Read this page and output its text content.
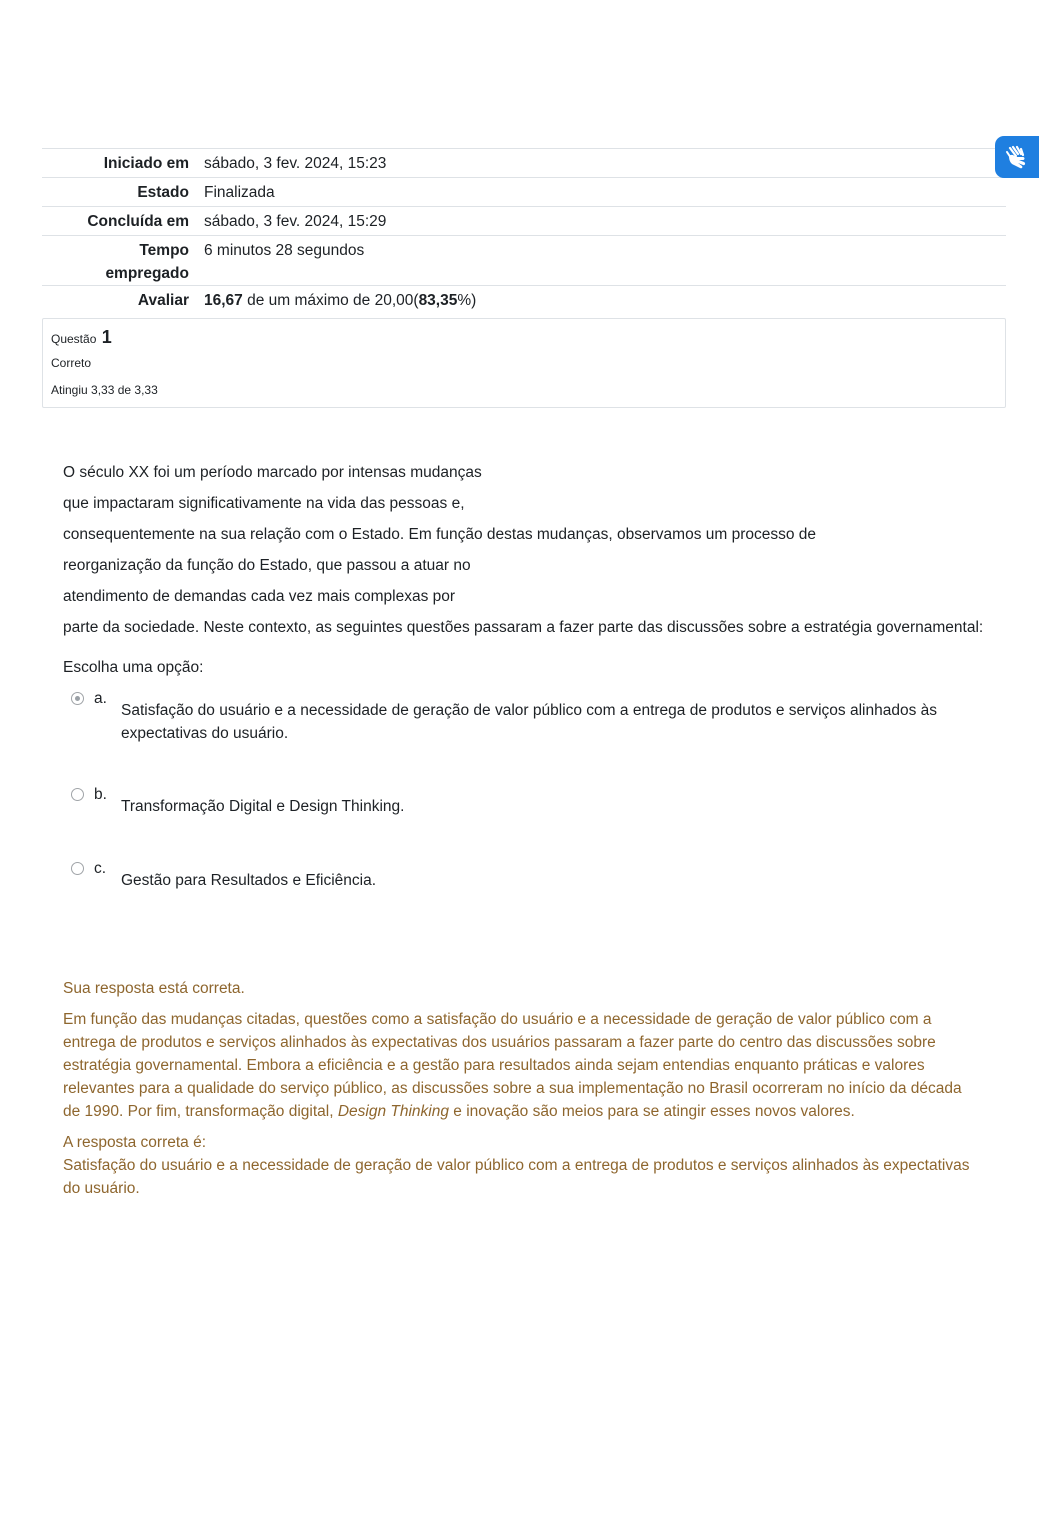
Iniciado em	sábado, 3 fev. 2024, 15:23
Estado	Finalizada
Concluída em	sábado, 3 fev. 2024, 15:29
Tempo
empregado	6 minutos 28 segundos
Avaliar	16,67 de um máximo de 20,00(83,35%)
Questão 1
Correto
Atingiu 3,33 de 3,33

O século XX foi um período marcado por intensas mudanças

que impactaram significativamente na vida das pessoas e,

consequentemente na sua relação com o Estado. Em função destas mudanças, observamos um processo de

reorganização da função do Estado, que passou a atuar no

atendimento de demandas cada vez mais complexas por

parte da sociedade. Neste contexto, as seguintes questões passaram a fazer parte das discussões sobre a estratégia governamental:

Escolha uma opção:
a.
Satisfação do usuário e a necessidade de geração de valor público com a entrega de produtos e serviços alinhados às expectativas do usuário.
b.
Transformação Digital e Design Thinking.
c.
Gestão para Resultados e Eficiência.

Sua resposta está correta.

Em função das mudanças citadas, questões como a satisfação do usuário e a necessidade de geração de valor público com a entrega de produtos e serviços alinhados às expectativas dos usuários passaram a fazer parte do centro das discussões sobre estratégia governamental. Embora a eficiência e a gestão para resultados ainda sejam entendias enquanto práticas e valores relevantes para a qualidade do serviço público, as discussões sobre a sua implementação no Brasil ocorreram no início da década de 1990. Por fim, transformação digital, Design Thinking e inovação são meios para se atingir esses novos valores.

A resposta correta é:

Satisfação do usuário e a necessidade de geração de valor público com a entrega de produtos e serviços alinhados às expectativas do usuário.
